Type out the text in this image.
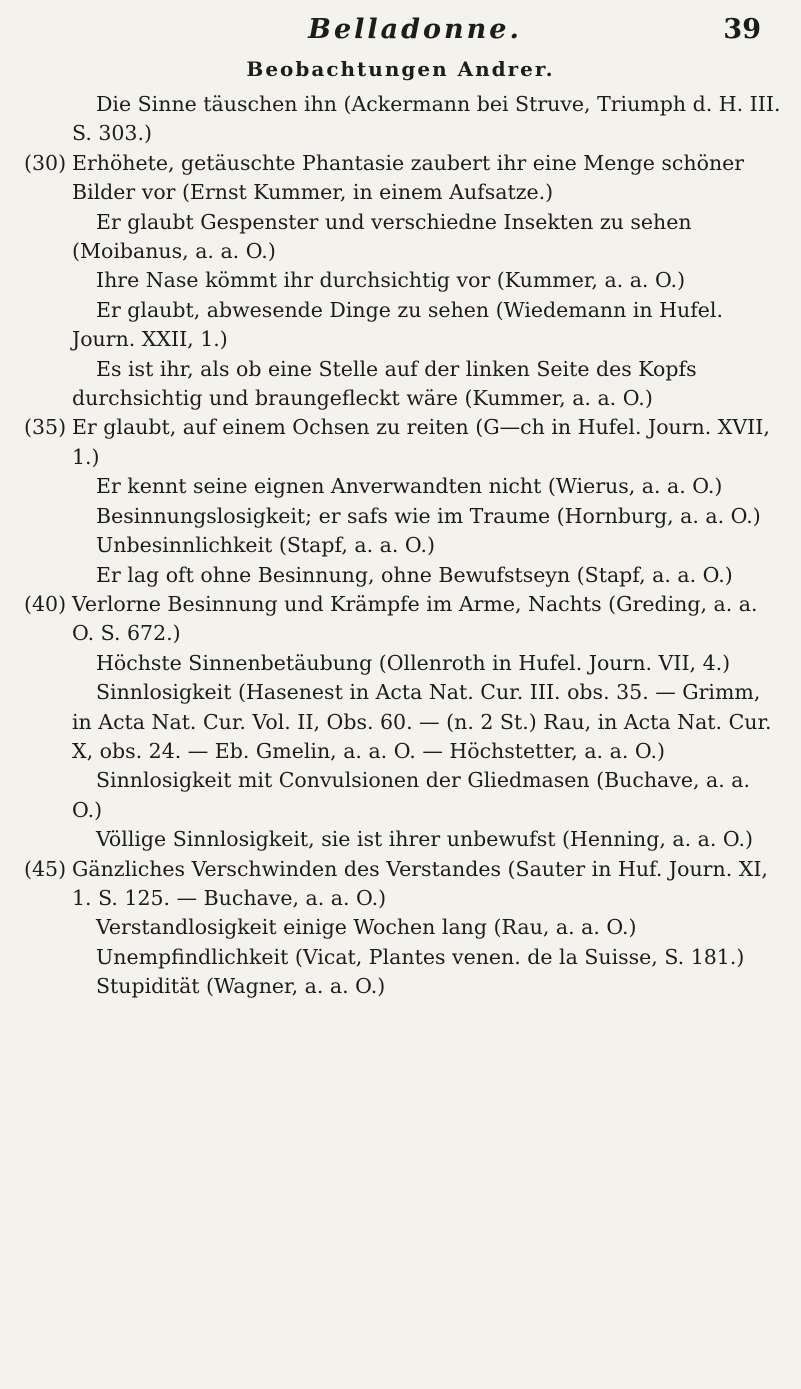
Belladonne.	39
Beobachtungen Andrer.

Die Sinne täuschen ihn (Ackermann bei Struve, Triumph d. H. III. S. 303.)

(30) Erhöhete, getäuschte Phantasie zaubert ihr eine Menge schöner Bilder vor (Ernst Kummer, in einem Aufsatze.)

Er glaubt Gespenster und verschiedne Insekten zu sehen (Moibanus, a. a. O.)

Ihre Nase kömmt ihr durchsichtig vor (Kummer, a. a. O.)

Er glaubt, abwesende Dinge zu sehen (Wiedemann in Hufel. Journ. XXII, 1.)

Es ist ihr, als ob eine Stelle auf der linken Seite des Kopfs durchsichtig und braungefleckt wäre (Kummer, a. a. O.)

(35) Er glaubt, auf einem Ochsen zu reiten (G—ch in Hufel. Journ. XVII, 1.)

Er kennt seine eignen Anverwandten nicht (Wierus, a. a. O.)

Besinnungslosigkeit; er safs wie im Traume (Hornburg, a. a. O.)

Unbesinnlichkeit (Stapf, a. a. O.)

Er lag oft ohne Besinnung, ohne Bewufstseyn (Stapf, a. a. O.)

(40) Verlorne Besinnung und Krämpfe im Arme, Nachts (Greding, a. a. O. S. 672.)

Höchste Sinnenbetäubung (Ollenroth in Hufel. Journ. VII, 4.)

Sinnlosigkeit (Hasenest in Acta Nat. Cur. III. obs. 35. — Grimm, in Acta Nat. Cur. Vol. II, Obs. 60. — (n. 2 St.) Rau, in Acta Nat. Cur. X, obs. 24. — Eb. Gmelin, a. a. O. — Höchstetter, a. a. O.)

Sinnlosigkeit mit Convulsionen der Gliedmasen (Buchave, a. a. O.)

Völlige Sinnlosigkeit, sie ist ihrer unbewufst (Henning, a. a. O.)

(45) Gänzliches Verschwinden des Verstandes (Sauter in Huf. Journ. XI, 1. S. 125. — Buchave, a. a. O.)

Verstandlosigkeit einige Wochen lang (Rau, a. a. O.)

Unempfindlichkeit (Vicat, Plantes venen. de la Suisse, S. 181.)

Stupidität (Wagner, a. a. O.)
